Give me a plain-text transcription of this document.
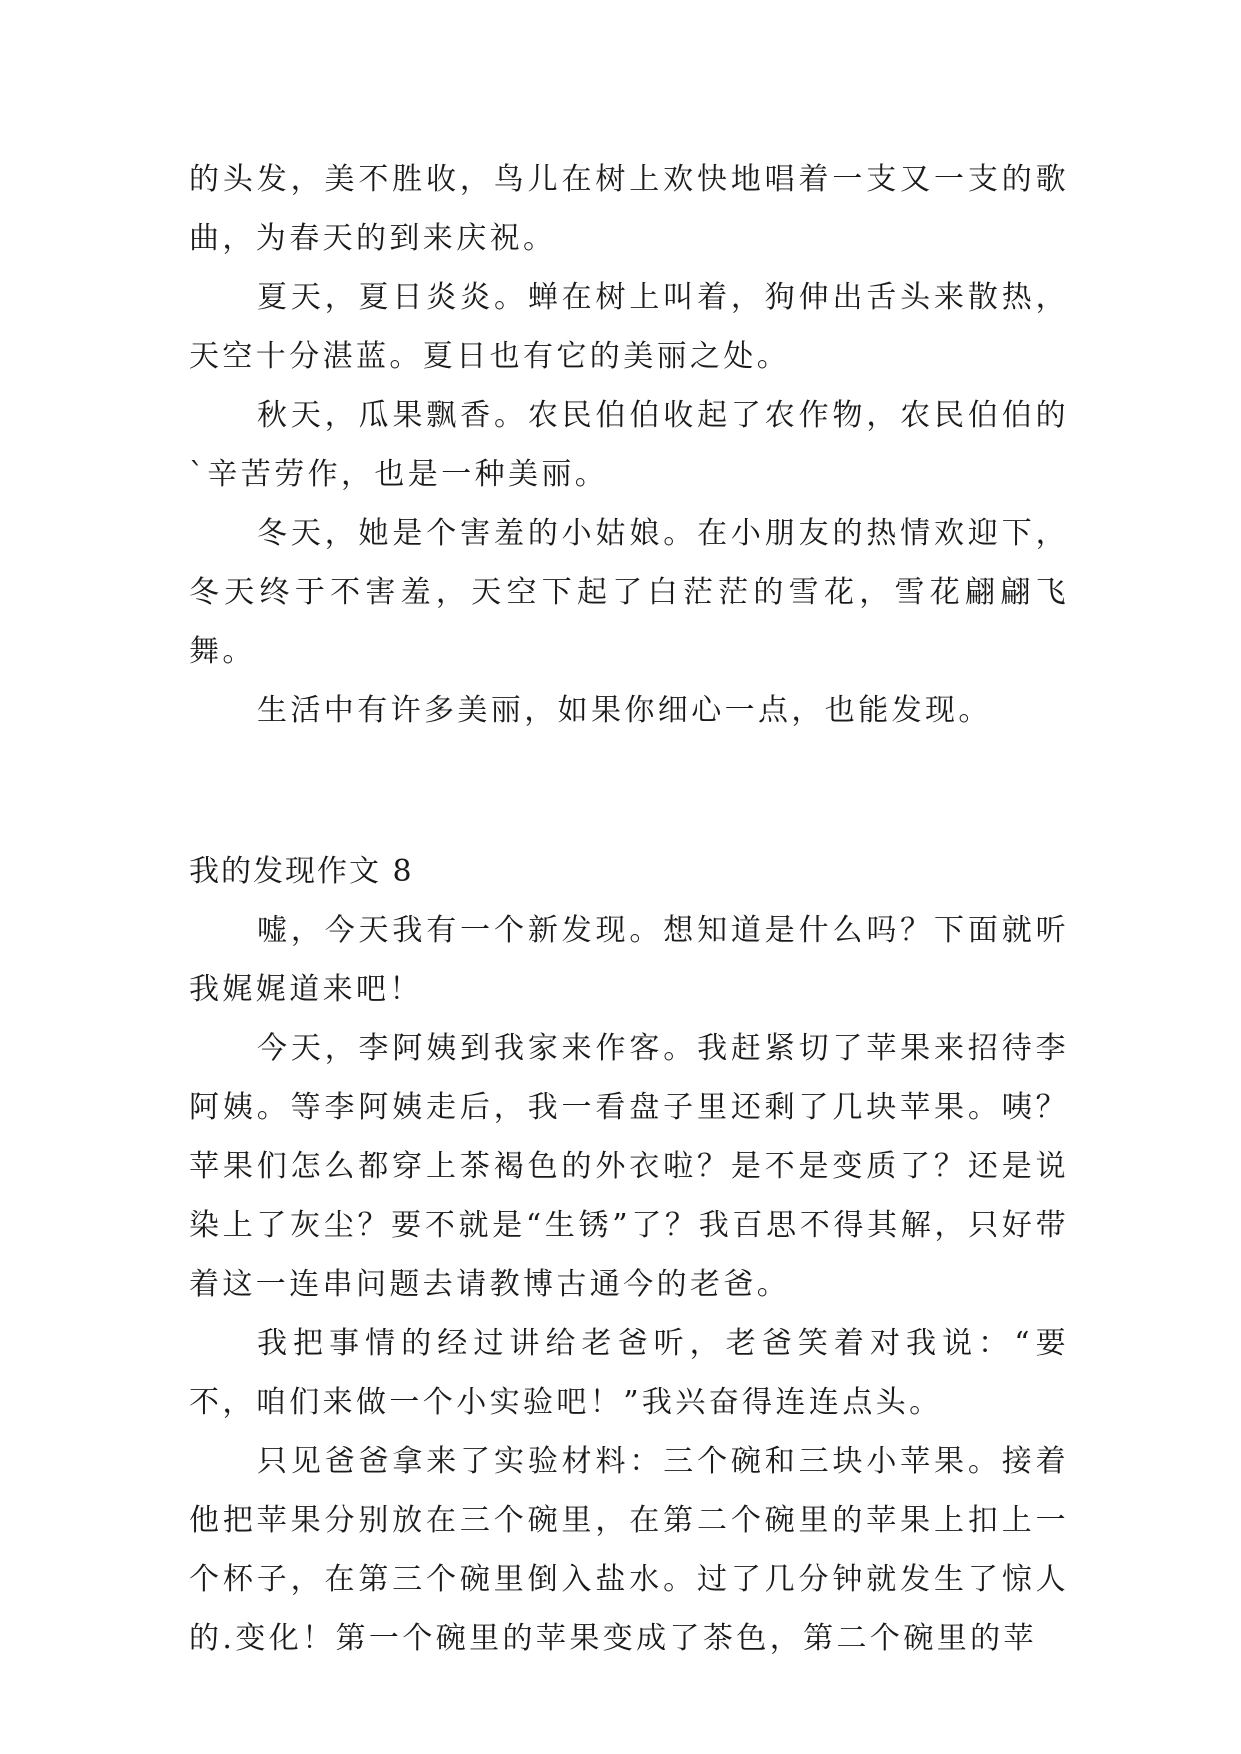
的头发，美不胜收，鸟儿在树上欢快地唱着一支又一支的歌曲，为春天的到来庆祝。

夏天，夏日炎炎。蝉在树上叫着，狗伸出舌头来散热，天空十分湛蓝。夏日也有它的美丽之处。

秋天，瓜果飘香。农民伯伯收起了农作物，农民伯伯的`辛苦劳作，也是一种美丽。

冬天，她是个害羞的小姑娘。在小朋友的热情欢迎下，冬天终于不害羞，天空下起了白茫茫的雪花，雪花翩翩飞舞。

生活中有许多美丽，如果你细心一点，也能发现。

我的发现作文 8

嘘，今天我有一个新发现。想知道是什么吗？下面就听我娓娓道来吧！

今天，李阿姨到我家来作客。我赶紧切了苹果来招待李阿姨。等李阿姨走后，我一看盘子里还剩了几块苹果。咦？苹果们怎么都穿上茶褐色的外衣啦？是不是变质了？还是说染上了灰尘？要不就是“生锈”了？我百思不得其解，只好带着这一连串问题去请教博古通今的老爸。

我把事情的经过讲给老爸听，老爸笑着对我说：“要不，咱们来做一个小实验吧！”我兴奋得连连点头。

只见爸爸拿来了实验材料：三个碗和三块小苹果。接着他把苹果分别放在三个碗里，在第二个碗里的苹果上扣上一个杯子，在第三个碗里倒入盐水。过了几分钟就发生了惊人的.变化！第一个碗里的苹果变成了茶色，第二个碗里的苹
